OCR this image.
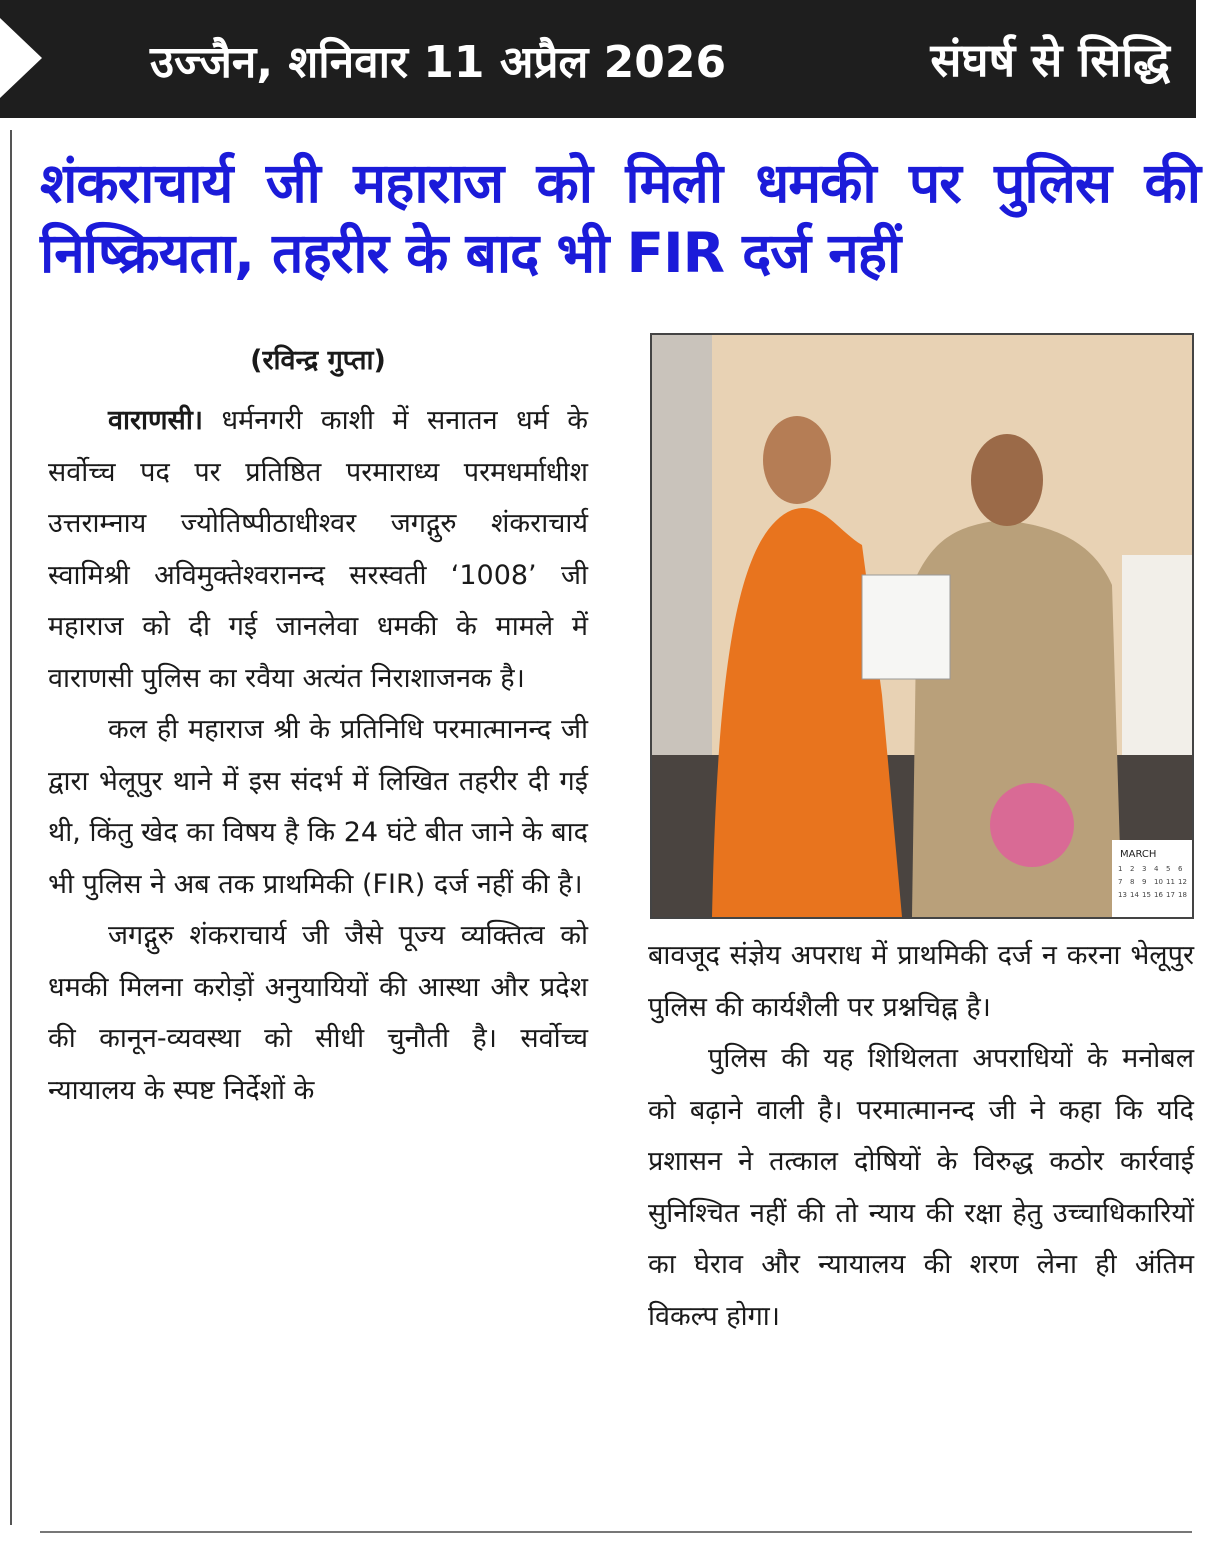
उज्जैन, शनिवार 11 अप्रैल 2026	संघर्ष से सिद्धि
शंकराचार्य जी महाराज को मिली धमकी पर पुलिस की निष्क्रियता, तहरीर के बाद भी FIR दर्ज नहीं
(रविन्द्र गुप्ता)

वाराणसी। धर्मनगरी काशी में सनातन धर्म के सर्वोच्च पद पर प्रतिष्ठित परमाराध्य परमधर्माधीश उत्तराम्नाय ज्योतिष्पीठाधीश्वर जगद्गुरु शंकराचार्य स्वामिश्री अविमुक्तेश्वरानन्द सरस्वती ‘1008’ जी महाराज को दी गई जानलेवा धमकी के मामले में वाराणसी पुलिस का रवैया अत्यंत निराशाजनक है।

कल ही महाराज श्री के प्रतिनिधि परमात्मानन्द जी द्वारा भेलूपुर थाने में इस संदर्भ में लिखित तहरीर दी गई थी, किंतु खेद का विषय है कि 24 घंटे बीत जाने के बाद भी पुलिस ने अब तक प्राथमिकी (FIR) दर्ज नहीं की है।

जगद्गुरु शंकराचार्य जी जैसे पूज्य व्यक्तित्व को धमकी मिलना करोड़ों अनुयायियों की आस्था और प्रदेश की कानून-व्यवस्था को सीधी चुनौती है। सर्वोच्च न्यायालय के स्पष्ट निर्देशों के

MARCH
1 2 3 4 5 6
7 8 9 10 11 12
13 14 15 16 17 18

बावजूद संज्ञेय अपराध में प्राथमिकी दर्ज न करना भेलूपुर पुलिस की कार्यशैली पर प्रश्नचिह्न है।

पुलिस की यह शिथिलता अपराधियों के मनोबल को बढ़ाने वाली है। परमात्मानन्द जी ने कहा कि यदि प्रशासन ने तत्काल दोषियों के विरुद्ध कठोर कार्रवाई सुनिश्चित नहीं की तो न्याय की रक्षा हेतु उच्चाधिकारियों का घेराव और न्यायालय की शरण लेना ही अंतिम विकल्प होगा।
